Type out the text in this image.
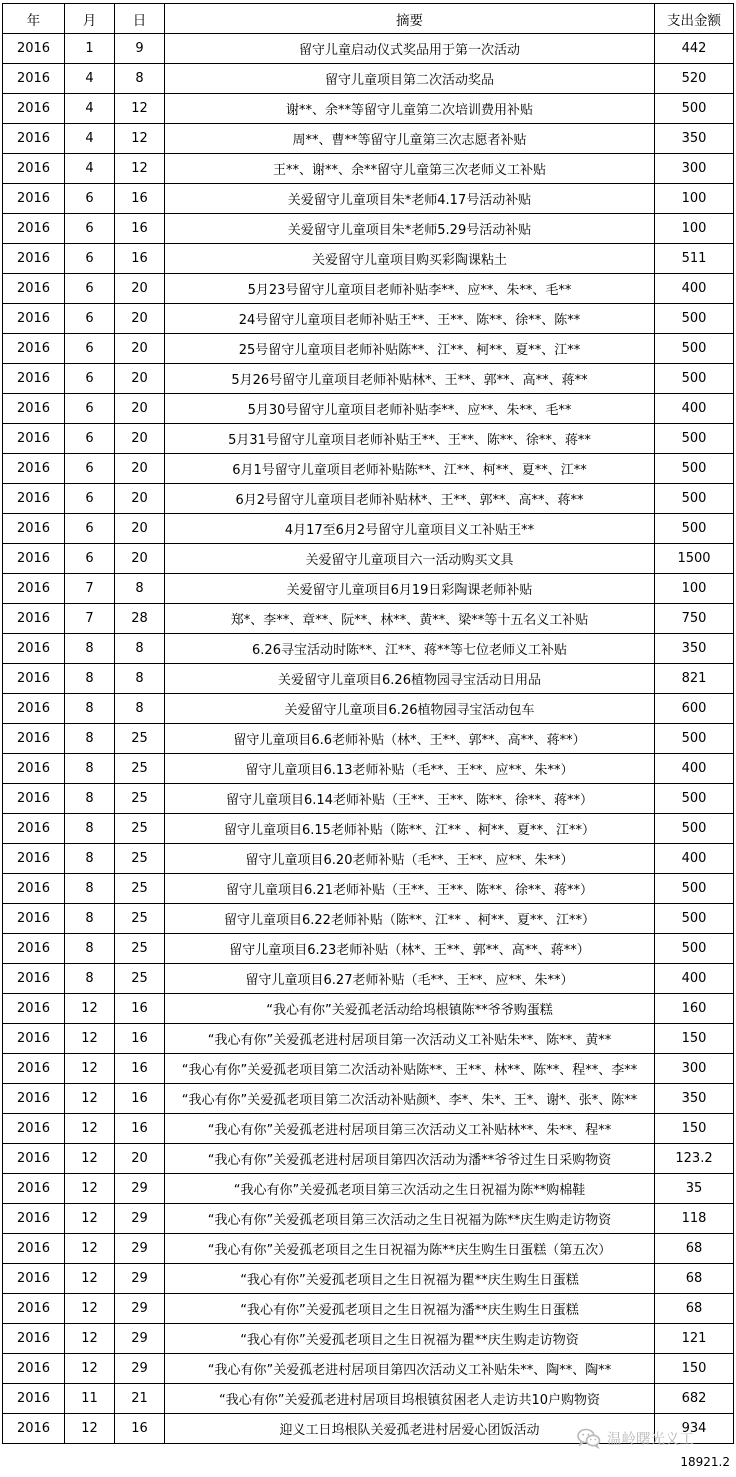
年	月	日	摘要	支出金额
2016	1	9	留守儿童启动仪式奖品用于第一次活动	442
2016	4	8	留守儿童项目第二次活动奖品	520
2016	4	12	谢**、余**等留守儿童第二次培训费用补贴	500
2016	4	12	周**、曹**等留守儿童第三次志愿者补贴	350
2016	4	12	王**、谢**、余**留守儿童第三次老师义工补贴	300
2016	6	16	关爱留守儿童项目朱*老师4.17号活动补贴	100
2016	6	16	关爱留守儿童项目朱*老师5.29号活动补贴	100
2016	6	16	关爱留守儿童项目购买彩陶课粘土	511
2016	6	20	5月23号留守儿童项目老师补贴李**、应**、朱**、毛**	400
2016	6	20	24号留守儿童项目老师补贴王**、王**、陈**、徐**、陈**	500
2016	6	20	25号留守儿童项目老师补贴陈**、江**、柯**、夏**、江**	500
2016	6	20	5月26号留守儿童项目老师补贴林*、王**、郭**、高**、蒋**	500
2016	6	20	5月30号留守儿童项目老师补贴李**、应**、朱**、毛**	400
2016	6	20	5月31号留守儿童项目老师补贴王**、王**、陈**、徐**、蒋**	500
2016	6	20	6月1号留守儿童项目老师补贴陈**、江**、柯**、夏**、江**	500
2016	6	20	6月2号留守儿童项目老师补贴林*、王**、郭**、高**、蒋**	500
2016	6	20	4月17至6月2号留守儿童项目义工补贴王**	500
2016	6	20	关爱留守儿童项目六一活动购买文具	1500
2016	7	8	关爱留守儿童项目6月19日彩陶课老师补贴	100
2016	7	28	郑*、李**、章**、阮**、林**、黄**、梁**等十五名义工补贴	750
2016	8	8	6.26寻宝活动时陈**、江**、蒋**等七位老师义工补贴	350
2016	8	8	关爱留守儿童项目6.26植物园寻宝活动日用品	821
2016	8	8	关爱留守儿童项目6.26植物园寻宝活动包车	600
2016	8	25	留守儿童项目6.6老师补贴（林*、王**、郭**、高**、蒋**）	500
2016	8	25	留守儿童项目6.13老师补贴（毛**、王**、应**、朱**）	400
2016	8	25	留守儿童项目6.14老师补贴（王**、王**、陈**、徐**、蒋**）	500
2016	8	25	留守儿童项目6.15老师补贴（陈**、江** 、柯**、夏**、江**）	500
2016	8	25	留守儿童项目6.20老师补贴（毛**、王**、应**、朱**）	400
2016	8	25	留守儿童项目6.21老师补贴（王**、王**、陈**、徐**、蒋**）	500
2016	8	25	留守儿童项目6.22老师补贴（陈**、江** 、柯**、夏**、江**）	500
2016	8	25	留守儿童项目6.23老师补贴（林*、王**、郭**、高**、蒋**）	500
2016	8	25	留守儿童项目6.27老师补贴（毛**、王**、应**、朱**）	400
2016	12	16	“我心有你”关爱孤老活动给坞根镇陈**爷爷购蛋糕	160
2016	12	16	“我心有你”关爱孤老进村居项目第一次活动义工补贴朱**、陈**、黄**	150
2016	12	16	“我心有你”关爱孤老项目第二次活动补贴陈**、王**、林**、陈**、程**、李**	300
2016	12	16	“我心有你”关爱孤老项目第二次活动补贴颜*、李*、朱*、王*、谢*、张*、陈**	350
2016	12	16	“我心有你”关爱孤老进村居项目第三次活动义工补贴林**、朱**、程**	150
2016	12	20	“我心有你”关爱孤老进村居项目第四次活动为潘**爷爷过生日采购物资	123.2
2016	12	29	“我心有你”关爱孤老项目第三次活动之生日祝福为陈**购棉鞋	35
2016	12	29	“我心有你”关爱孤老项目第三次活动之生日祝福为陈**庆生购走访物资	118
2016	12	29	“我心有你”关爱孤老项目之生日祝福为陈**庆生购生日蛋糕（第五次）	68
2016	12	29	“我心有你”关爱孤老项目之生日祝福为瞿**庆生购生日蛋糕	68
2016	12	29	“我心有你”关爱孤老项目之生日祝福为潘**庆生购生日蛋糕	68
2016	12	29	“我心有你”关爱孤老项目之生日祝福为瞿**庆生购走访物资	121
2016	12	29	“我心有你”关爱孤老进村居项目第四次活动义工补贴朱**、陶**、陶**	150
2016	11	21	“我心有你”关爱孤老进村居项目坞根镇贫困老人走访共10户购物资	682
2016	12	16	迎义工日坞根队关爱孤老进村居爱心团饭活动	934
温岭曙光义工
18921.2
